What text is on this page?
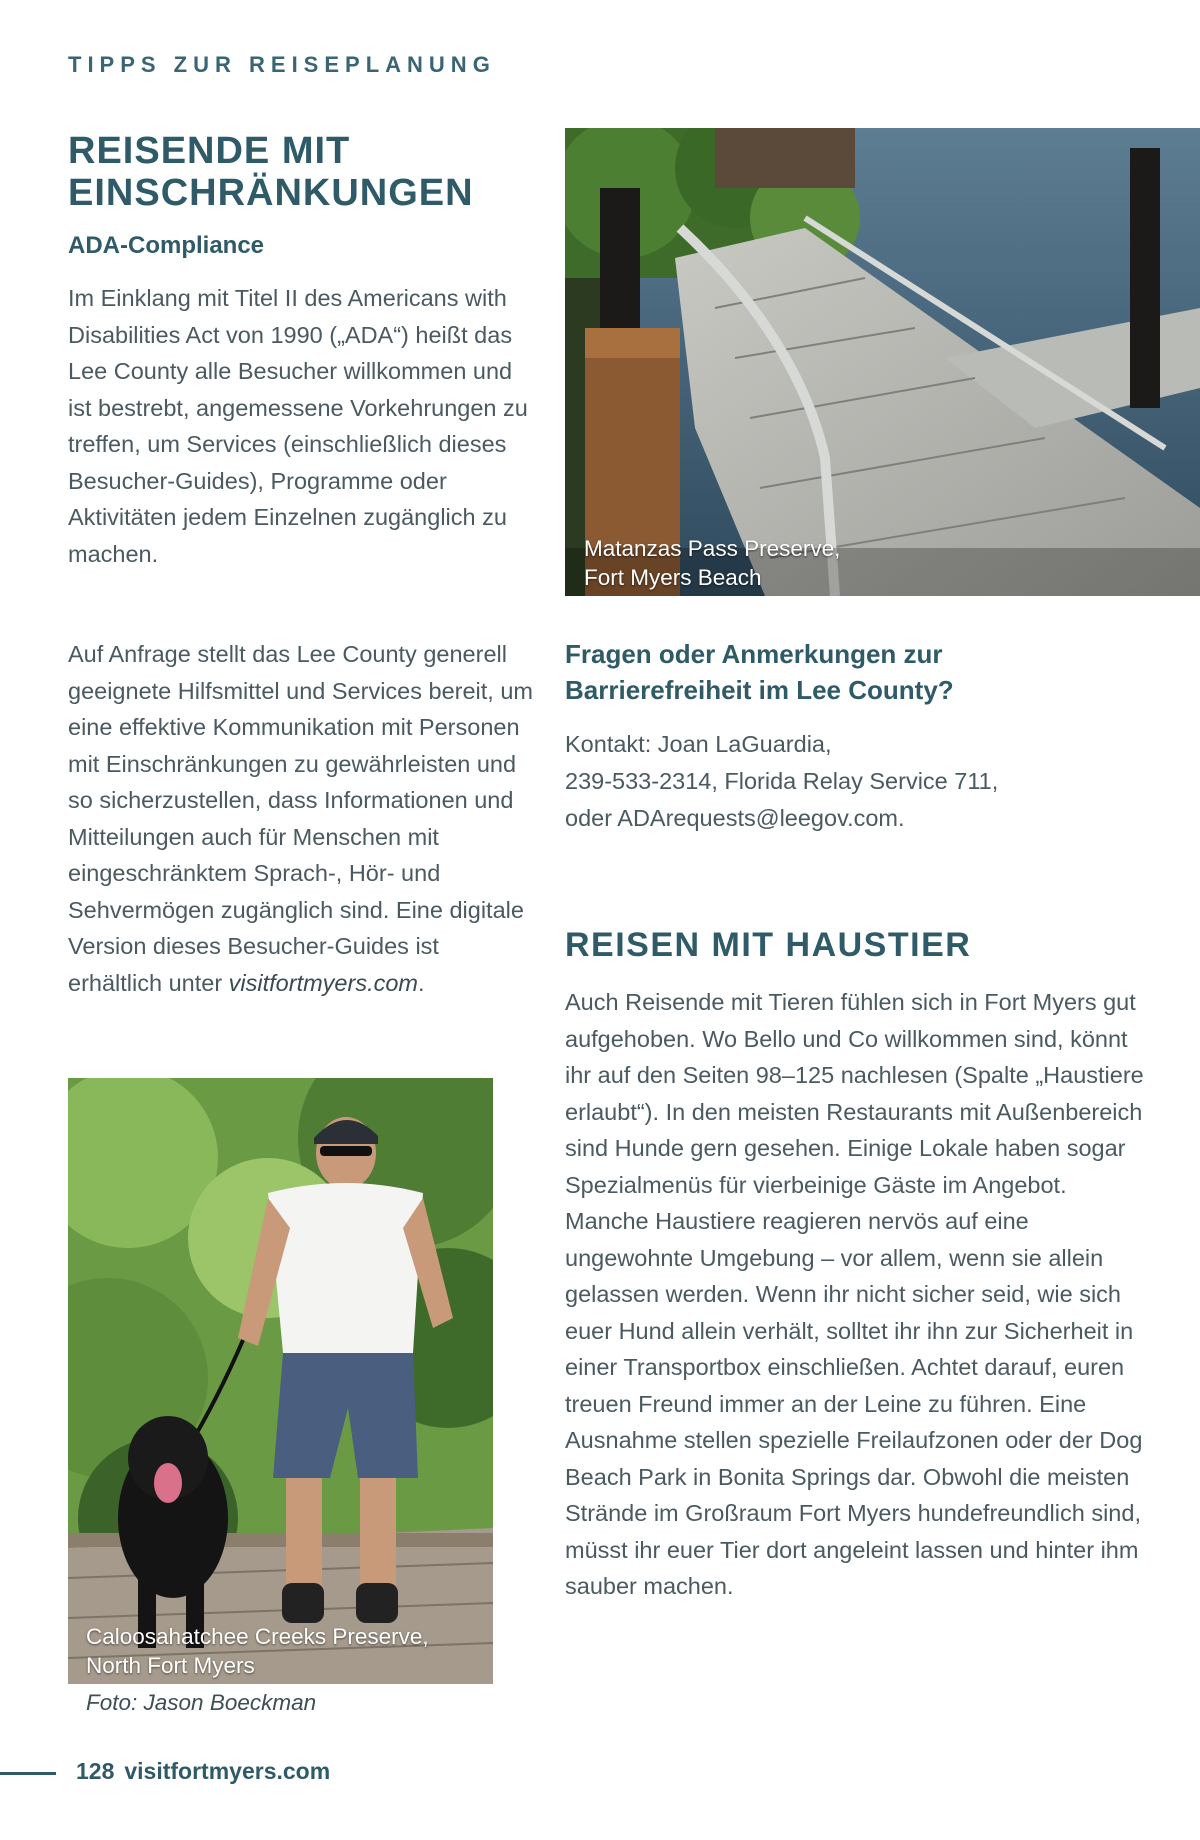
TIPPS ZUR REISEPLANUNG
REISENDE MIT
EINSCHRÄNKUNGEN
ADA-Compliance

Im Einklang mit Titel II des Americans with Disabilities Act von 1990 („ADA“) heißt das Lee County alle Besucher willkommen und ist bestrebt, angemessene Vorkehrungen zu treffen, um Services (einschließlich dieses Besucher-Guides), Programme oder Aktivitäten jedem Einzelnen zugänglich zu machen.

Auf Anfrage stellt das Lee County generell geeignete Hilfsmittel und Services bereit, um eine effektive Kommunikation mit Personen mit Einschränkungen zu gewährleisten und so sicherzustellen, dass Informationen und Mitteilungen auch für Menschen mit eingeschränktem Sprach-, Hör- und Sehvermögen zugänglich sind. Eine digitale Version dieses Besucher-Guides ist erhältlich unter visitfortmyers.com.

Matanzas Pass Preserve,
Fort Myers Beach
Fragen oder Anmerkungen zur
Barrierefreiheit im Lee County?
Kontakt: Joan LaGuardia,
239-533-2314, Florida Relay Service 711,
oder ADArequests@leegov.com.
REISEN MIT HAUSTIER

Auch Reisende mit Tieren fühlen sich in Fort Myers gut aufgehoben. Wo Bello und Co willkommen sind, könnt ihr auf den Seiten 98–125 nachlesen (Spalte „Haustiere erlaubt“). In den meisten Restaurants mit Außenbereich sind Hunde gern gesehen. Einige Lokale haben sogar Spezialmenüs für vierbeinige Gäste im Angebot. Manche Haustiere reagieren nervös auf eine ungewohnte Umgebung – vor allem, wenn sie allein gelassen werden. Wenn ihr nicht sicher seid, wie sich euer Hund allein verhält, solltet ihr ihn zur Sicherheit in einer Transportbox einschließen. Achtet darauf, euren treuen Freund immer an der Leine zu führen. Eine Ausnahme stellen spezielle Freilaufzonen oder der Dog Beach Park in Bonita Springs dar. Obwohl die meisten Strände im Großraum Fort Myers hundefreundlich sind, müsst ihr euer Tier dort angeleint lassen und hinter ihm sauber machen.

Caloosahatchee Creeks Preserve,
North Fort Myers
Foto: Jason Boeckman
128 visitfortmyers.com
